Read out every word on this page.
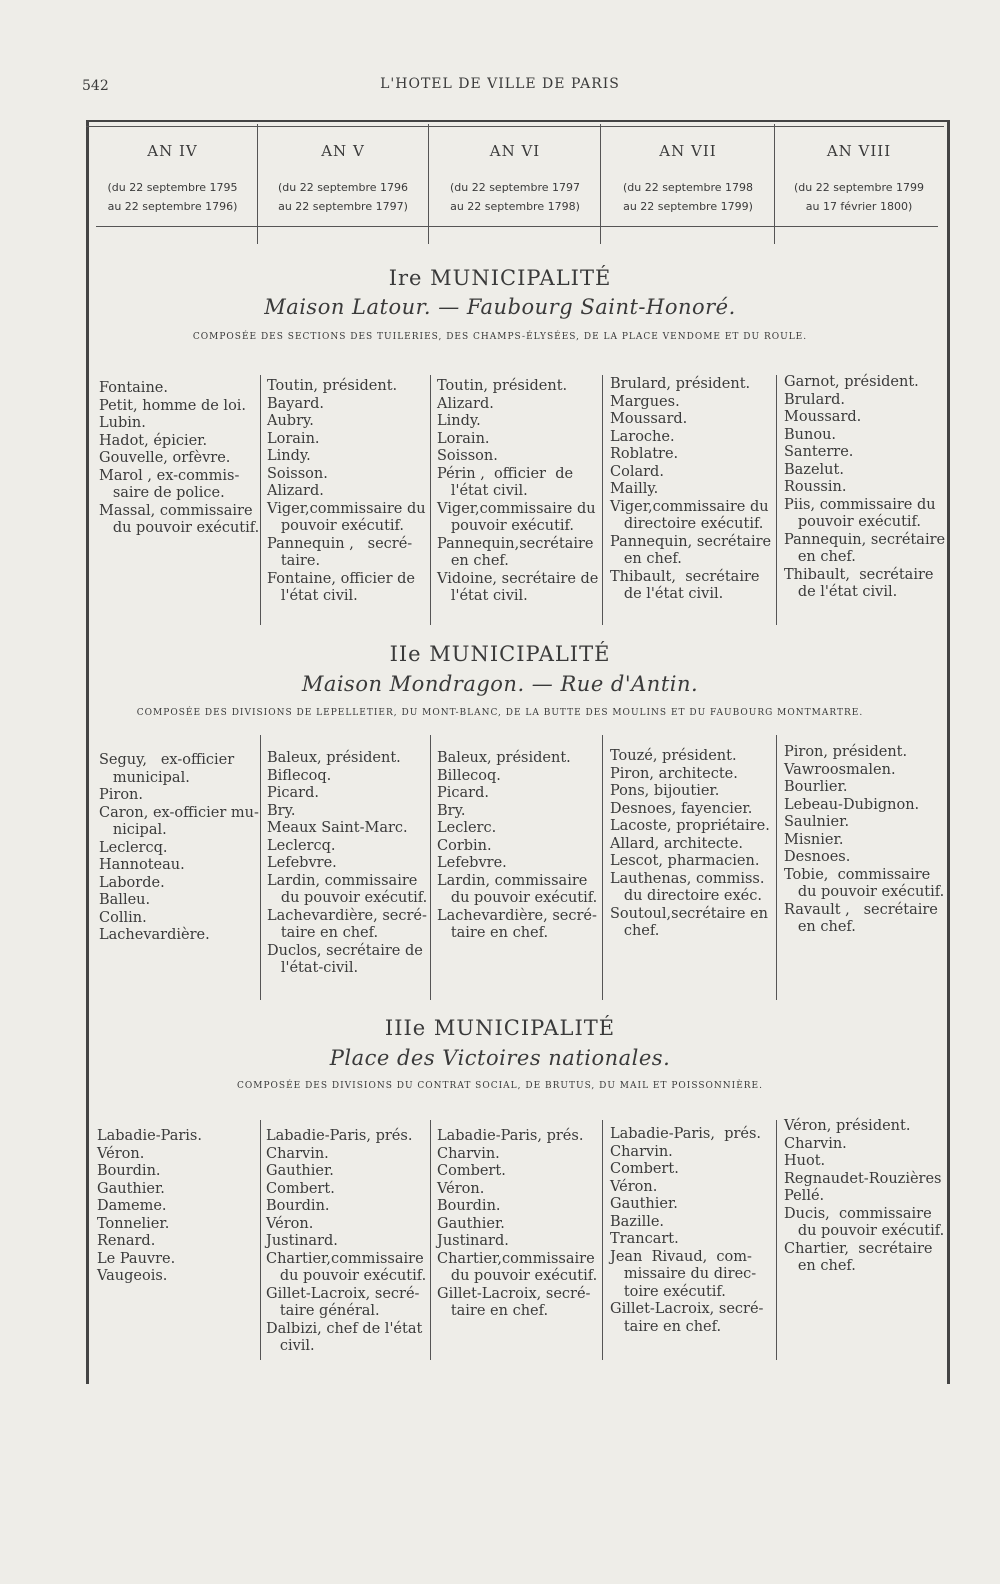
542	L'HOTEL DE VILLE DE PARIS
AN IV
(du 22 septembre 1795
au 22 septembre 1796)
AN V
(du 22 septembre 1796
au 22 septembre 1797)
AN VI
(du 22 septembre 1797
au 22 septembre 1798)
AN VII
(du 22 septembre 1798
au 22 septembre 1799)
AN VIII
(du 22 septembre 1799
au 17 février 1800)
Ire MUNICIPALITÉ
Maison Latour. — Faubourg Saint-Honoré.
COMPOSÉE DES SECTIONS DES TUILERIES, DES CHAMPS-ÉLYSÉES, DE LA PLACE VENDOME ET DU ROULE.
Fontaine.
Petit, homme de loi.
Lubin.
Hadot, épicier.
Gouvelle, orfèvre.
Marol , ex-commis-
saire de police.
Massal, commissaire
du pouvoir exécutif.
Toutin, président.
Bayard.
Aubry.
Lorain.
Lindy.
Soisson.
Alizard.
Viger,commissaire du
pouvoir exécutif.
Pannequin ,   secré-
taire.
Fontaine, officier de
l'état civil.
Toutin, président.
Alizard.
Lindy.
Lorain.
Soisson.
Périn ,  officier  de
l'état civil.
Viger,commissaire du
pouvoir exécutif.
Pannequin,secrétaire
en chef.
Vidoine, secrétaire de
l'état civil.
Brulard, président.
Margues.
Moussard.
Laroche.
Roblatre.
Colard.
Mailly.
Viger,commissaire du
directoire exécutif.
Pannequin, secrétaire
en chef.
Thibault,  secrétaire
de l'état civil.
Garnot, président.
Brulard.
Moussard.
Bunou.
Santerre.
Bazelut.
Roussin.
Piis, commissaire du
pouvoir exécutif.
Pannequin, secrétaire
en chef.
Thibault,  secrétaire
de l'état civil.
IIe MUNICIPALITÉ
Maison Mondragon. — Rue d'Antin.
COMPOSÉE DES DIVISIONS DE LEPELLETIER, DU MONT-BLANC, DE LA BUTTE DES MOULINS ET DU FAUBOURG MONTMARTRE.
Seguy,   ex-officier
municipal.
Piron.
Caron, ex-officier mu-
nicipal.
Leclercq.
Hannoteau.
Laborde.
Balleu.
Collin.
Lachevardière.
Baleux, président.
Biflecoq.
Picard.
Bry.
Meaux Saint-Marc.
Leclercq.
Lefebvre.
Lardin, commissaire
du pouvoir exécutif.
Lachevardière, secré-
taire en chef.
Duclos, secrétaire de
l'état-civil.
Baleux, président.
Billecoq.
Picard.
Bry.
Leclerc.
Corbin.
Lefebvre.
Lardin, commissaire
du pouvoir exécutif.
Lachevardière, secré-
taire en chef.
Touzé, président.
Piron, architecte.
Pons, bijoutier.
Desnoes, fayencier.
Lacoste, propriétaire.
Allard, architecte.
Lescot, pharmacien.
Lauthenas, commiss.
du directoire exéc.
Soutoul,secrétaire en
chef.
Piron, président.
Vawroosmalen.
Bourlier.
Lebeau-Dubignon.
Saulnier.
Misnier.
Desnoes.
Tobie,  commissaire
du pouvoir exécutif.
Ravault ,   secrétaire
en chef.
IIIe MUNICIPALITÉ
Place des Victoires nationales.
COMPOSÉE DES DIVISIONS DU CONTRAT SOCIAL, DE BRUTUS, DU MAIL ET POISSONNIÈRE.
Labadie-Paris.
Véron.
Bourdin.
Gauthier.
Dameme.
Tonnelier.
Renard.
Le Pauvre.
Vaugeois.
Labadie-Paris, prés.
Charvin.
Gauthier.
Combert.
Bourdin.
Véron.
Justinard.
Chartier,commissaire
du pouvoir exécutif.
Gillet-Lacroix, secré-
taire général.
Dalbizi, chef de l'état
civil.
Labadie-Paris, prés.
Charvin.
Combert.
Véron.
Bourdin.
Gauthier.
Justinard.
Chartier,commissaire
du pouvoir exécutif.
Gillet-Lacroix, secré-
taire en chef.
Labadie-Paris,  prés.
Charvin.
Combert.
Véron.
Gauthier.
Bazille.
Trancart.
Jean  Rivaud,  com-
missaire du direc-
toire exécutif.
Gillet-Lacroix, secré-
taire en chef.
Véron, président.
Charvin.
Huot.
Regnaudet-Rouzières
Pellé.
Ducis,  commissaire
du pouvoir exécutif.
Chartier,  secrétaire
en chef.
